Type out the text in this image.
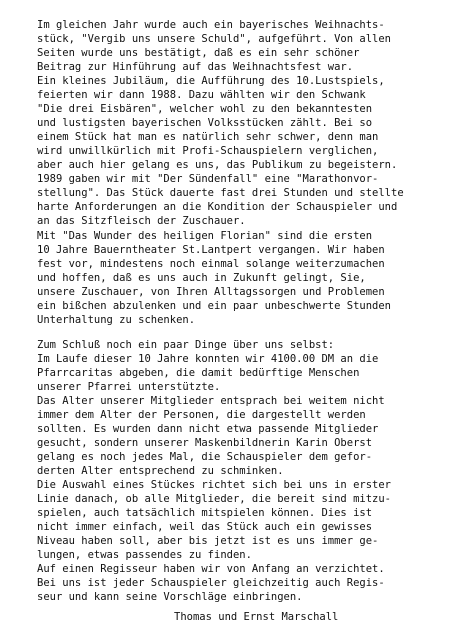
Im gleichen Jahr wurde auch ein bayerisches Weihnachts-
stück, "Vergib uns unsere Schuld", aufgeführt. Von allen
Seiten wurde uns bestätigt, daß es ein sehr schöner
Beitrag zur Hinführung auf das Weihnachtsfest war.
Ein kleines Jubiläum, die Aufführung des 10.Lustspiels,
feierten wir dann 1988. Dazu wählten wir den Schwank
"Die drei Eisbären", welcher wohl zu den bekanntesten
und lustigsten bayerischen Volksstücken zählt. Bei so
einem Stück hat man es natürlich sehr schwer, denn man
wird unwillkürlich mit Profi-Schauspielern verglichen,
aber auch hier gelang es uns, das Publikum zu begeistern.
1989 gaben wir mit "Der Sündenfall" eine "Marathonvor-
stellung". Das Stück dauerte fast drei Stunden und stellte
harte Anforderungen an die Kondition der Schauspieler und
an das Sitzfleisch der Zuschauer.
Mit "Das Wunder des heiligen Florian" sind die ersten
10 Jahre Bauerntheater St.Lantpert vergangen. Wir haben
fest vor, mindestens noch einmal solange weiterzumachen
und hoffen, daß es uns auch in Zukunft gelingt, Sie,
unsere Zuschauer, von Ihren Alltagssorgen und Problemen
ein bißchen abzulenken und ein paar unbeschwerte Stunden
Unterhaltung zu schenken.
Zum Schluß noch ein paar Dinge über uns selbst:
Im Laufe dieser 10 Jahre konnten wir 4100.00 DM an die
Pfarrcaritas abgeben, die damit bedürftige Menschen
unserer Pfarrei unterstützte.
Das Alter unserer Mitglieder entsprach bei weitem nicht
immer dem Alter der Personen, die dargestellt werden
sollten. Es wurden dann nicht etwa passende Mitglieder
gesucht, sondern unserer Maskenbildnerin Karin Oberst
gelang es noch jedes Mal, die Schauspieler dem gefor-
derten Alter entsprechend zu schminken.
Die Auswahl eines Stückes richtet sich bei uns in erster
Linie danach, ob alle Mitglieder, die bereit sind mitzu-
spielen, auch tatsächlich mitspielen können. Dies ist
nicht immer einfach, weil das Stück auch ein gewisses
Niveau haben soll, aber bis jetzt ist es uns immer ge-
lungen, etwas passendes zu finden.
Auf einen Regisseur haben wir von Anfang an verzichtet.
Bei uns ist jeder Schauspieler gleichzeitig auch Regis-
seur und kann seine Vorschläge einbringen.
Thomas und Ernst Marschall
